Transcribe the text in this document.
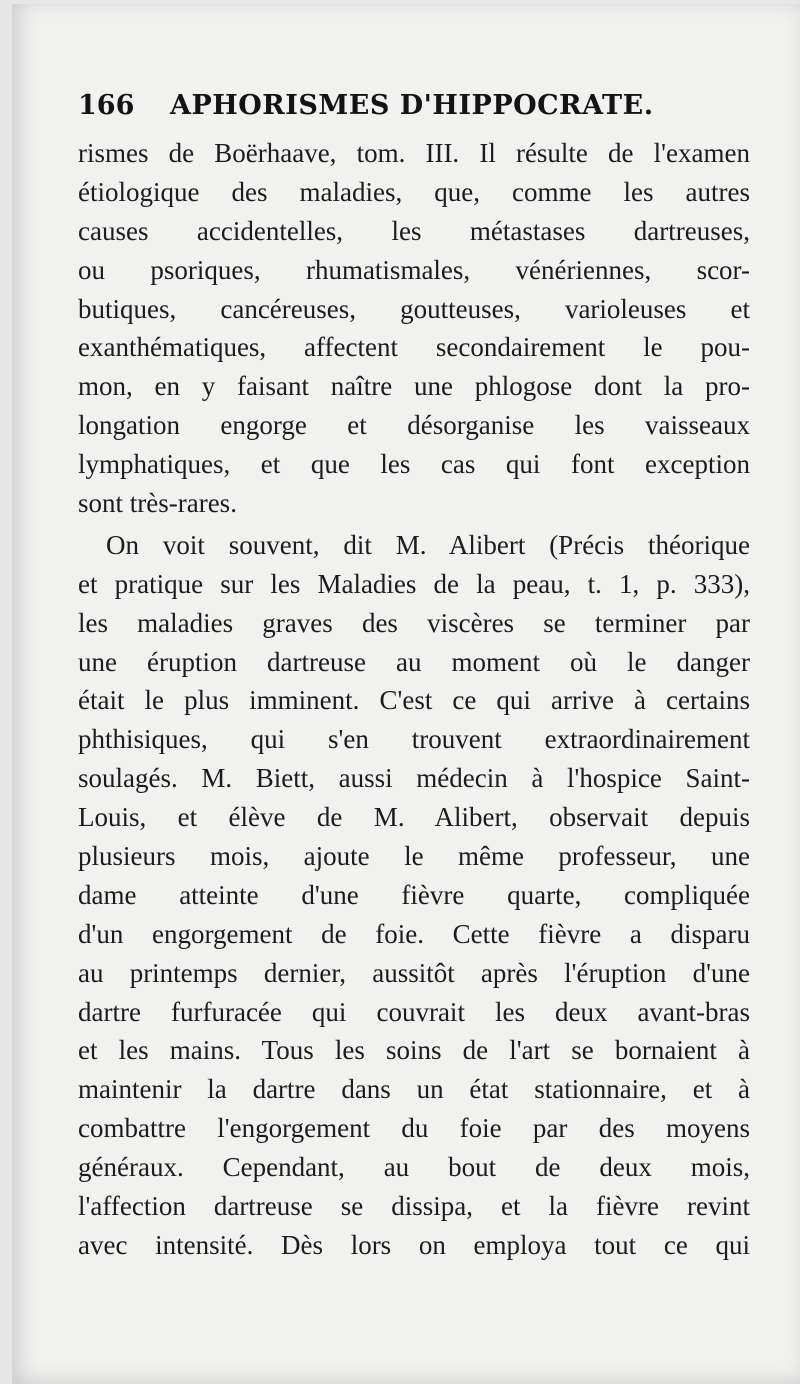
166 APHORISMES D'HIPPOCRATE.
rismes de Boërhaave, tom. III. Il résulte de l'examen
étiologique des maladies, que, comme les autres
causes accidentelles, les métastases dartreuses,
ou psoriques, rhumatismales, vénériennes, scor-
butiques, cancéreuses, goutteuses, varioleuses et
exanthématiques, affectent secondairement le pou-
mon, en y faisant naître une phlogose dont la pro-
longation engorge et désorganise les vaisseaux
lymphatiques, et que les cas qui font exception
sont très-rares.
On voit souvent, dit M. Alibert (Précis théorique
et pratique sur les Maladies de la peau, t. 1, p. 333),
les maladies graves des viscères se terminer par
une éruption dartreuse au moment où le danger
était le plus imminent. C'est ce qui arrive à certains
phthisiques, qui s'en trouvent extraordinairement
soulagés. M. Biett, aussi médecin à l'hospice Saint-
Louis, et élève de M. Alibert, observait depuis
plusieurs mois, ajoute le même professeur, une
dame atteinte d'une fièvre quarte, compliquée
d'un engorgement de foie. Cette fièvre a disparu
au printemps dernier, aussitôt après l'éruption d'une
dartre furfuracée qui couvrait les deux avant-bras
et les mains. Tous les soins de l'art se bornaient à
maintenir la dartre dans un état stationnaire, et à
combattre l'engorgement du foie par des moyens
généraux. Cependant, au bout de deux mois,
l'affection dartreuse se dissipa, et la fièvre revint
avec intensité. Dès lors on employa tout ce qui
